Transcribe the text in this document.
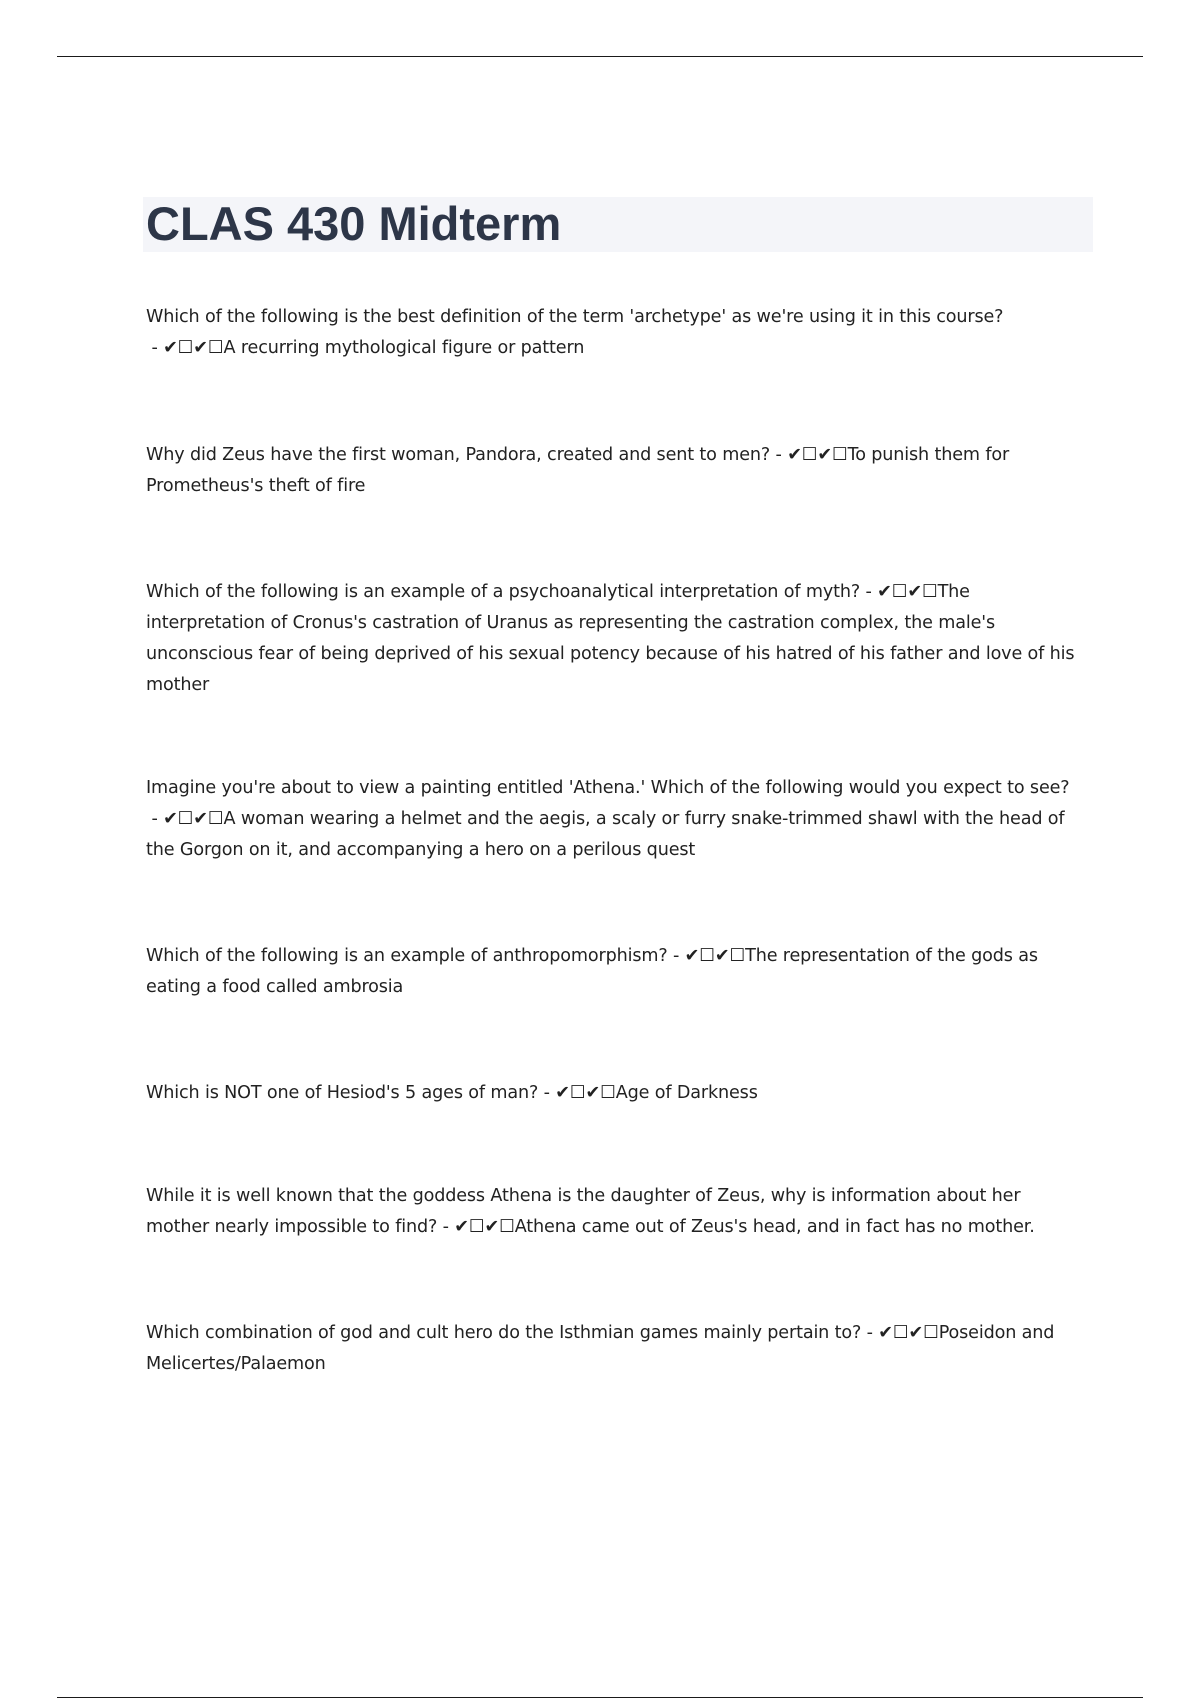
CLAS 430 Midterm

Which of the following is the best definition of the term 'archetype' as we're using it in this course? - ✔☐✔☐A recurring mythological figure or pattern

Why did Zeus have the first woman, Pandora, created and sent to men? - ✔☐✔☐To punish them for Prometheus's theft of fire

Which of the following is an example of a psychoanalytical interpretation of myth? - ✔☐✔☐The interpretation of Cronus's castration of Uranus as representing the castration complex, the male's unconscious fear of being deprived of his sexual potency because of his hatred of his father and love of his mother

Imagine you're about to view a painting entitled 'Athena.' Which of the following would you expect to see? - ✔☐✔☐A woman wearing a helmet and the aegis, a scaly or furry snake-trimmed shawl with the head of the Gorgon on it, and accompanying a hero on a perilous quest

Which of the following is an example of anthropomorphism? - ✔☐✔☐The representation of the gods as eating a food called ambrosia

Which is NOT one of Hesiod's 5 ages of man? - ✔☐✔☐Age of Darkness

While it is well known that the goddess Athena is the daughter of Zeus, why is information about her mother nearly impossible to find? - ✔☐✔☐Athena came out of Zeus's head, and in fact has no mother.

Which combination of god and cult hero do the Isthmian games mainly pertain to? - ✔☐✔☐Poseidon and Melicertes/Palaemon
